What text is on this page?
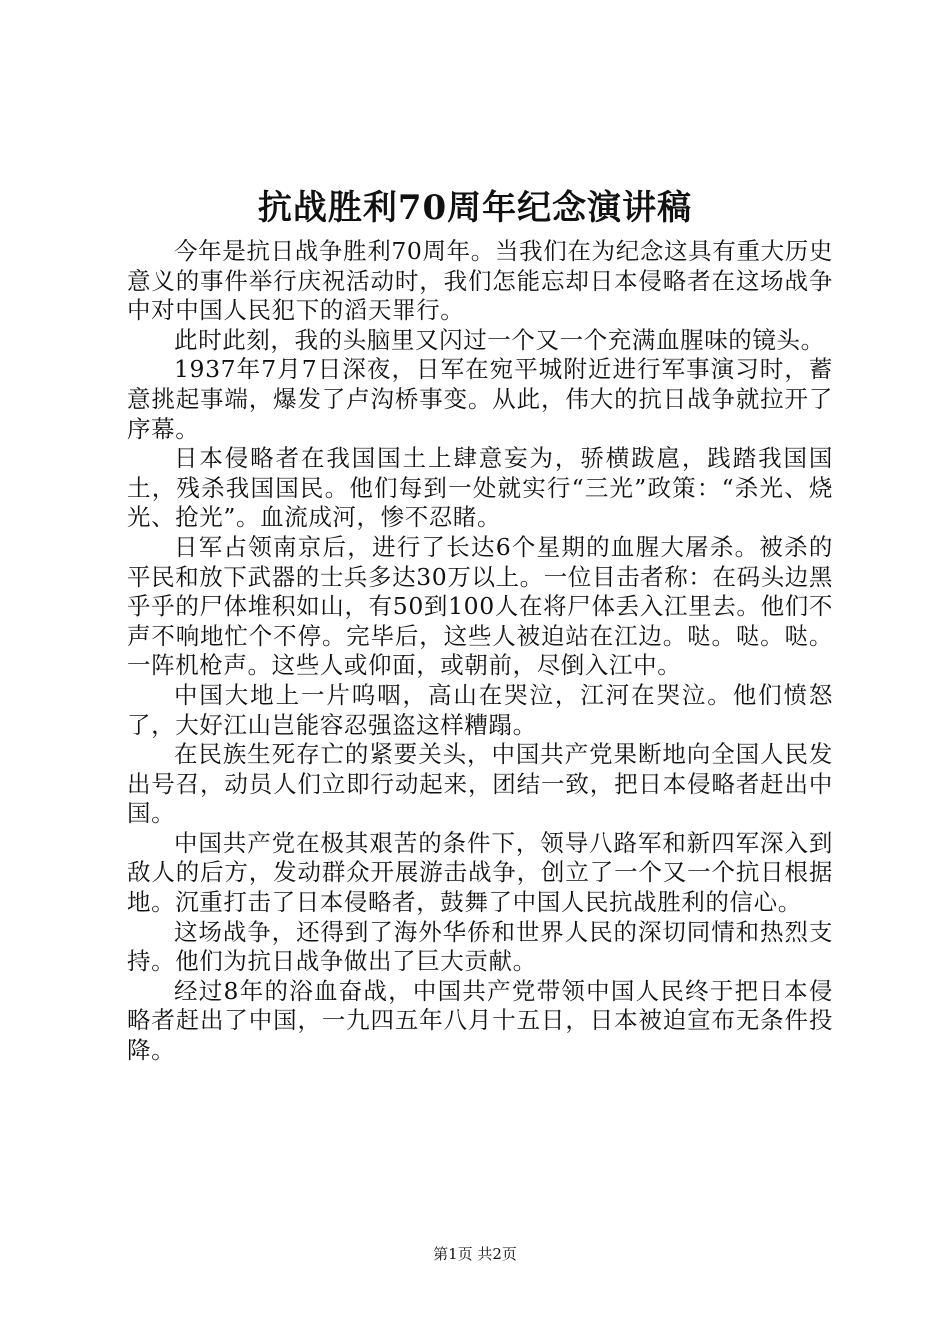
抗战胜利70周年纪念演讲稿

今年是抗日战争胜利70周年。当我们在为纪念这具有重大历史意义的事件举行庆祝活动时，我们怎能忘却日本侵略者在这场战争中对中国人民犯下的滔天罪行。

此时此刻，我的头脑里又闪过一个又一个充满血腥味的镜头。

1937年7月7日深夜，日军在宛平城附近进行军事演习时，蓄意挑起事端，爆发了卢沟桥事变。从此，伟大的抗日战争就拉开了序幕。

日本侵略者在我国国土上肆意妄为，骄横跋扈，践踏我国国土，残杀我国国民。他们每到一处就实行“三光”政策：“杀光、烧光、抢光”。血流成河，惨不忍睹。

日军占领南京后，进行了长达6个星期的血腥大屠杀。被杀的平民和放下武器的士兵多达30万以上。一位目击者称：在码头边黑乎乎的尸体堆积如山，有50到100人在将尸体丢入江里去。他们不声不响地忙个不停。完毕后，这些人被迫站在江边。哒。哒。哒。一阵机枪声。这些人或仰面，或朝前，尽倒入江中。

中国大地上一片呜咽，高山在哭泣，江河在哭泣。他们愤怒了，大好江山岂能容忍强盗这样糟蹋。

在民族生死存亡的紧要关头，中国共产党果断地向全国人民发出号召，动员人们立即行动起来，团结一致，把日本侵略者赶出中国。

中国共产党在极其艰苦的条件下，领导八路军和新四军深入到敌人的后方，发动群众开展游击战争，创立了一个又一个抗日根据地。沉重打击了日本侵略者，鼓舞了中国人民抗战胜利的信心。

这场战争，还得到了海外华侨和世界人民的深切同情和热烈支持。他们为抗日战争做出了巨大贡献。

经过8年的浴血奋战，中国共产党带领中国人民终于把日本侵略者赶出了中国，一九四五年八月十五日，日本被迫宣布无条件投降。

第1页 共2页
